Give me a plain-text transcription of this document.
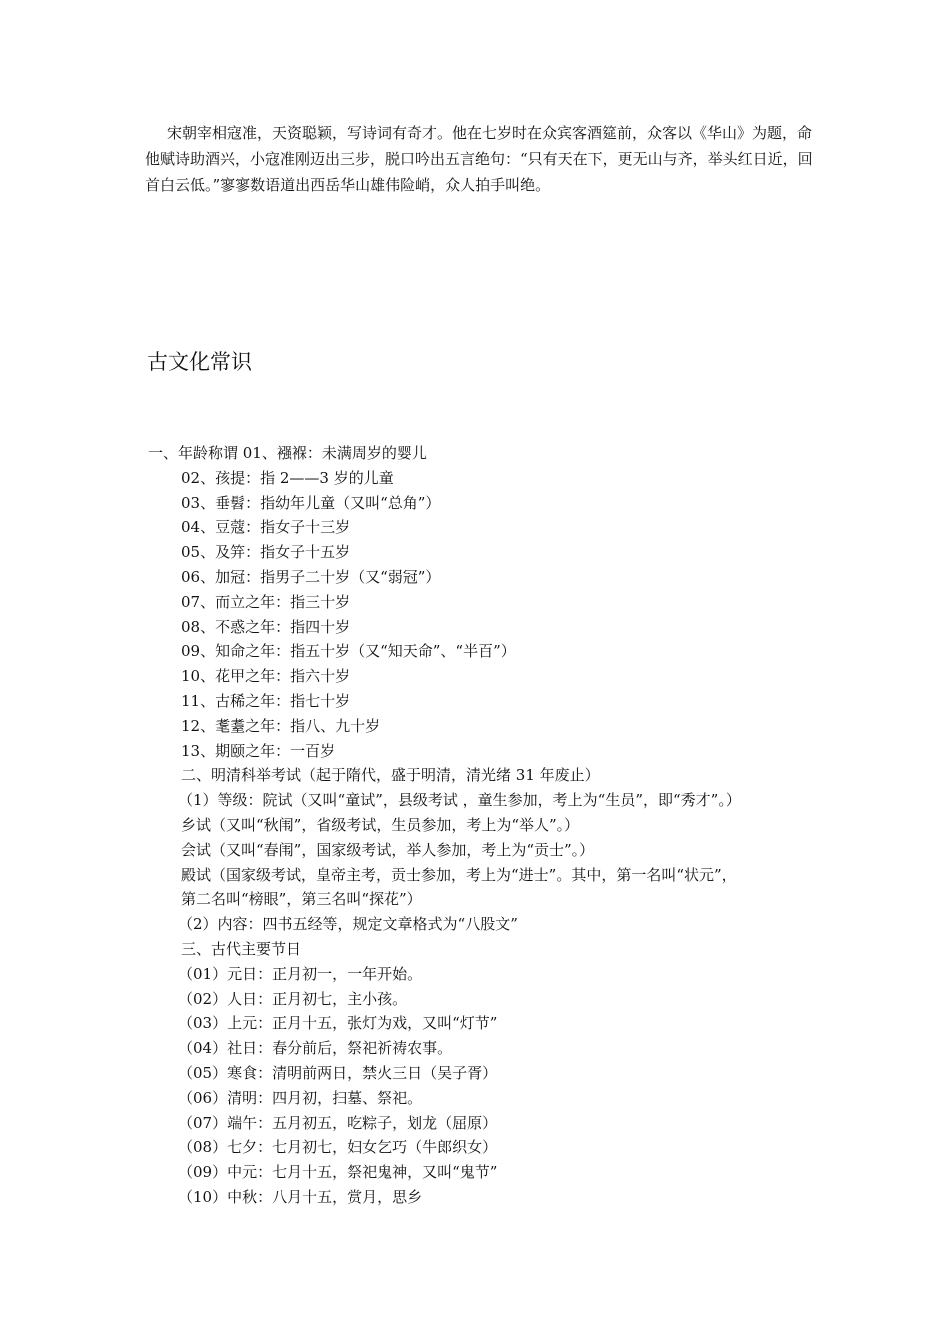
宋朝宰相寇准，天资聪颖，写诗词有奇才。他在七岁时在众宾客酒筵前，众客以《华山》为题，命他赋诗助酒兴，小寇准刚迈出三步，脱口吟出五言绝句：“只有天在下，更无山与齐，举头红日近，回首白云低。”寥寥数语道出西岳华山雄伟险峭，众人拍手叫绝。

古文化常识
一、年龄称谓 01、襁褓：未满周岁的婴儿
02、孩提：指 2——3 岁的儿童
03、垂髫：指幼年儿童（又叫“总角”）
04、豆蔻：指女子十三岁
05、及笄：指女子十五岁
06、加冠：指男子二十岁（又“弱冠”）
07、而立之年：指三十岁
08、不惑之年：指四十岁
09、知命之年：指五十岁（又“知天命”、“半百”）
10、花甲之年：指六十岁
11、古稀之年：指七十岁
12、耄耋之年：指八、九十岁
13、期颐之年：一百岁
二、明清科举考试（起于隋代，盛于明清，清光绪 31 年废止）
（1）等级：院试（又叫“童试”，县级考试 ，童生参加，考上为“生员”，即“秀才”。）
乡试（又叫“秋闱”，省级考试，生员参加，考上为“举人”。）
会试（又叫“春闱”，国家级考试，举人参加，考上为“贡士”。）
殿试（国家级考试，皇帝主考，贡士参加，考上为“进士”。其中，第一名叫“状元”，
第二名叫“榜眼”，第三名叫“探花”）
（2）内容：四书五经等，规定文章格式为“八股文”
三、古代主要节日
（01）元日：正月初一，一年开始。
（02）人日：正月初七，主小孩。
（03）上元：正月十五，张灯为戏，又叫“灯节”
（04）社日：春分前后，祭祀祈祷农事。
（05）寒食：清明前两日，禁火三日（吴子胥）
（06）清明：四月初，扫墓、祭祀。
（07）端午：五月初五，吃粽子，划龙（屈原）
（08）七夕：七月初七，妇女乞巧（牛郎织女）
（09）中元：七月十五，祭祀鬼神，又叫“鬼节”
（10）中秋：八月十五，赏月，思乡
